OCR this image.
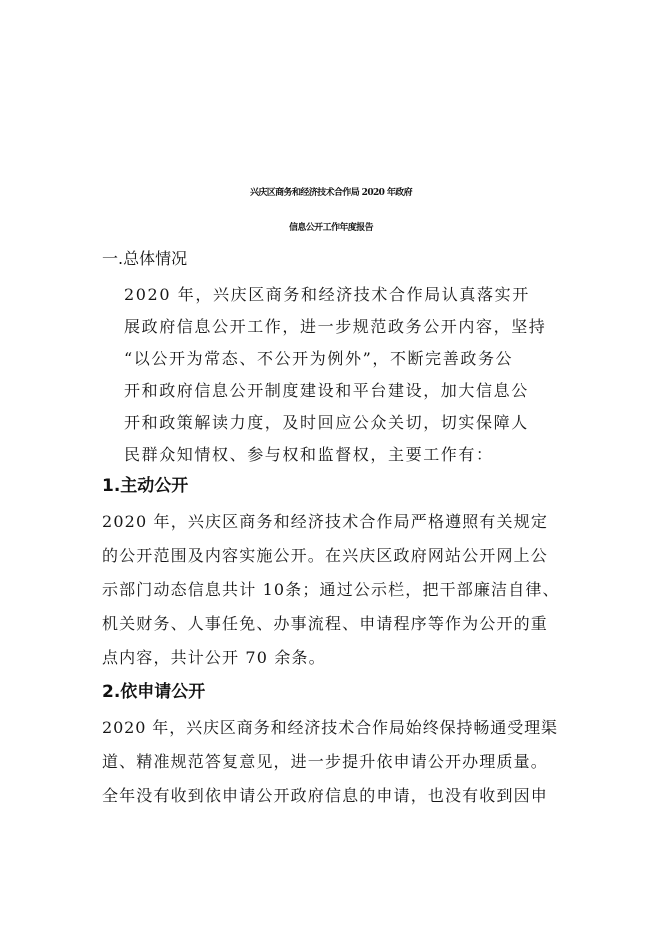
兴庆区商务和经济技术合作局 2020 年政府
信息公开工作年度报告
一.总体情况
2020 年，兴庆区商务和经济技术合作局认真落实开
展政府信息公开工作，进一步规范政务公开内容，坚持
“以公开为常态、不公开为例外”，不断完善政务公
开和政府信息公开制度建设和平台建设，加大信息公
开和政策解读力度，及时回应公众关切，切实保障人
民群众知情权、参与权和监督权，主要工作有：
1.主动公开
2020 年，兴庆区商务和经济技术合作局严格遵照有关规定
的公开范围及内容实施公开。在兴庆区政府网站公开网上公
示部门动态信息共计 10条；通过公示栏，把干部廉洁自律、
机关财务、人事任免、办事流程、申请程序等作为公开的重
点内容，共计公开 70 余条。
2.依申请公开
2020 年，兴庆区商务和经济技术合作局始终保持畅通受理渠
道、精准规范答复意见，进一步提升依申请公开办理质量。
全年没有收到依申请公开政府信息的申请，也没有收到因申
